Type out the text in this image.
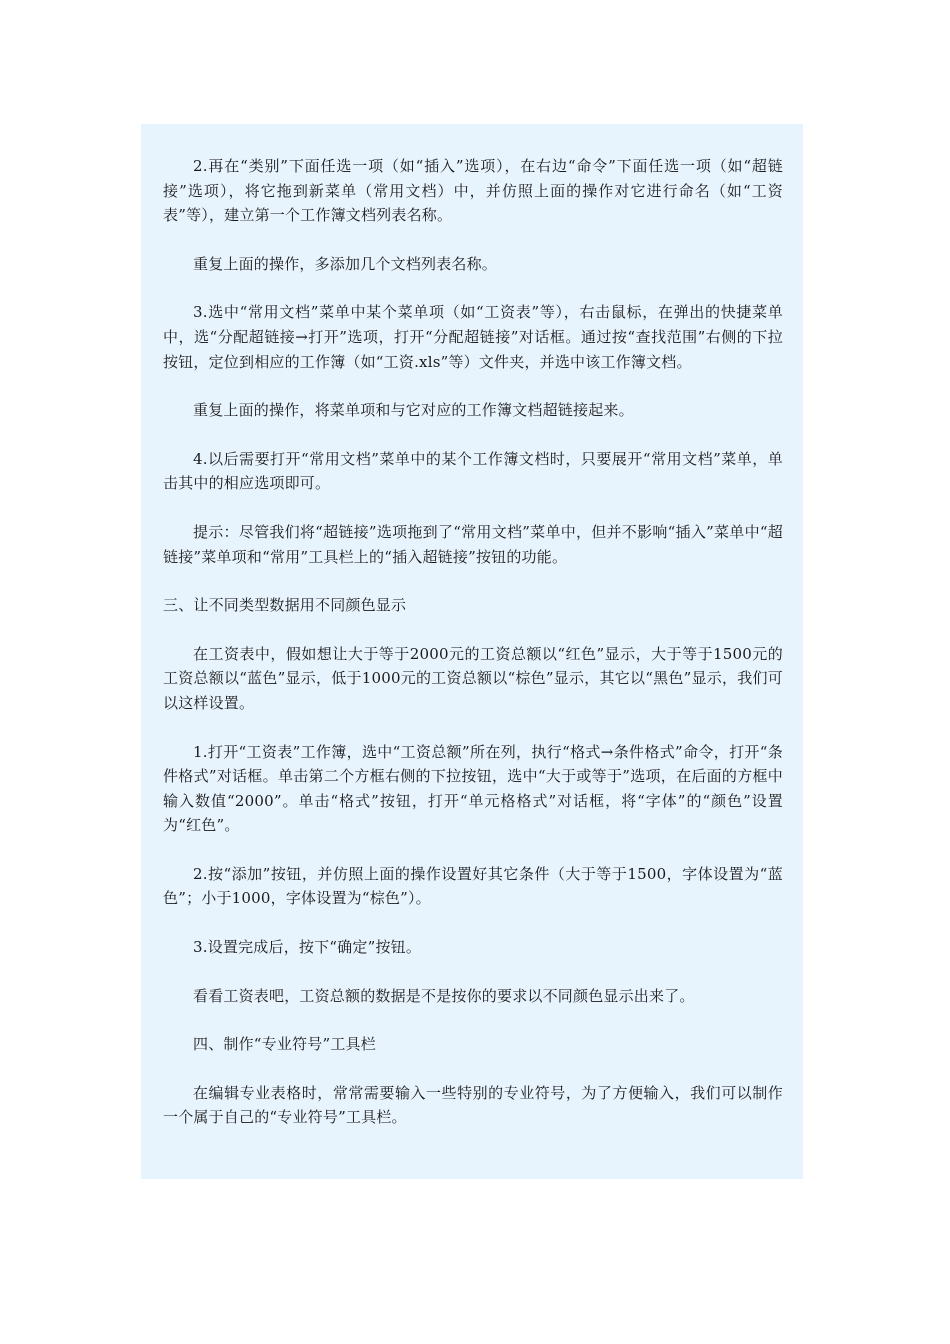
2.再在“类别”下面任选一项（如“插入”选项），在右边“命令”下面任选一项（如“超链接”选项），将它拖到新菜单（常用文档）中，并仿照上面的操作对它进行命名（如“工资表”等），建立第一个工作簿文档列表名称。

重复上面的操作，多添加几个文档列表名称。

3.选中“常用文档”菜单中某个菜单项（如“工资表”等），右击鼠标，在弹出的快捷菜单中，选“分配超链接→打开”选项，打开“分配超链接”对话框。通过按“查找范围”右侧的下拉按钮，定位到相应的工作簿（如“工资.xls”等）文件夹，并选中该工作簿文档。

重复上面的操作，将菜单项和与它对应的工作簿文档超链接起来。

4.以后需要打开“常用文档”菜单中的某个工作簿文档时，只要展开“常用文档”菜单，单击其中的相应选项即可。

提示：尽管我们将“超链接”选项拖到了“常用文档”菜单中，但并不影响“插入”菜单中“超链接”菜单项和“常用”工具栏上的“插入超链接”按钮的功能。

三、让不同类型数据用不同颜色显示

在工资表中，假如想让大于等于2000元的工资总额以“红色”显示，大于等于1500元的工资总额以“蓝色”显示，低于1000元的工资总额以“棕色”显示，其它以“黑色”显示，我们可以这样设置。

1.打开“工资表”工作簿，选中“工资总额”所在列，执行“格式→条件格式”命令，打开“条件格式”对话框。单击第二个方框右侧的下拉按钮，选中“大于或等于”选项，在后面的方框中输入数值“2000”。单击“格式”按钮，打开“单元格格式”对话框，将“字体”的“颜色”设置为“红色”。

2.按“添加”按钮，并仿照上面的操作设置好其它条件（大于等于1500，字体设置为“蓝色”；小于1000，字体设置为“棕色”）。

3.设置完成后，按下“确定”按钮。

看看工资表吧，工资总额的数据是不是按你的要求以不同颜色显示出来了。

四、制作“专业符号”工具栏

在编辑专业表格时，常常需要输入一些特别的专业符号，为了方便输入，我们可以制作一个属于自己的“专业符号”工具栏。
